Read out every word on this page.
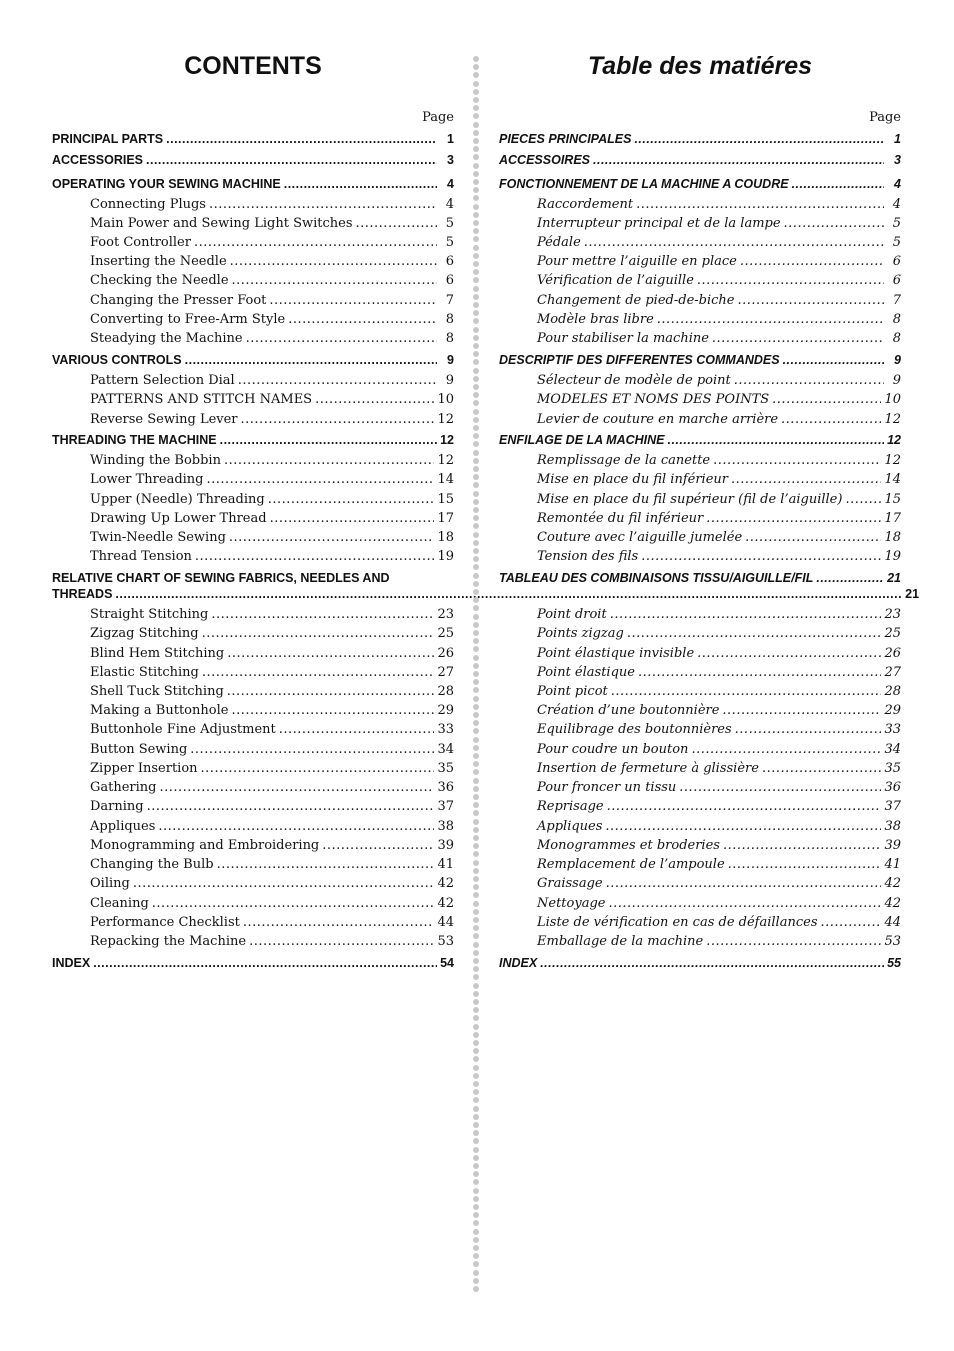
CONTENTS
Page
PRINCIPAL PARTS .....	1
ACCESSORIES .....	3
OPERATING YOUR SEWING MACHINE .....	4
Connecting Plugs .....	4
Main Power and Sewing Light Switches .....	5
Foot Controller .....	5
Inserting the Needle .....	6
Checking the Needle .....	6
Changing the Presser Foot .....	7
Converting to Free-Arm Style .....	8
Steadying the Machine .....	8
VARIOUS CONTROLS .....	9
Pattern Selection Dial .....	9
PATTERNS AND STITCH NAMES .....	10
Reverse Sewing Lever .....	12
THREADING THE MACHINE .....	12
Winding the Bobbin .....	12
Lower Threading .....	14
Upper (Needle) Threading .....	15
Drawing Up Lower Thread .....	17
Twin-Needle Sewing .....	18
Thread Tension .....	19
RELATIVE CHART OF SEWING FABRICS, NEEDLES AND
THREADS .....	21
Straight Stitching .....	23
Zigzag Stitching .....	25
Blind Hem Stitching .....	26
Elastic Stitching .....	27
Shell Tuck Stitching .....	28
Making a Buttonhole .....	29
Buttonhole Fine Adjustment .....	33
Button Sewing .....	34
Zipper Insertion .....	35
Gathering .....	36
Darning .....	37
Appliques .....	38
Monogramming and Embroidering .....	39
Changing the Bulb .....	41
Oiling .....	42
Cleaning .....	42
Performance Checklist .....	44
Repacking the Machine .....	53
INDEX .....	54
Table des matiéres
Page
PIECES PRINCIPALES .....	1
ACCESSOIRES .....	3
FONCTIONNEMENT DE LA MACHINE A COUDRE .....	4
Raccordement .....	4
Interrupteur principal et de la lampe .....	5
Pédale .....	5
Pour mettre l’aiguille en place .....	6
Vérification de l’aiguille .....	6
Changement de pied-de-biche .....	7
Modèle bras libre .....	8
Pour stabiliser la machine .....	8
DESCRIPTIF DES DIFFERENTES COMMANDES .....	9
Sélecteur de modèle de point .....	9
MODELES ET NOMS DES POINTS .....	10
Levier de couture en marche arrière .....	12
ENFILAGE DE LA MACHINE .....	12
Remplissage de la canette .....	12
Mise en place du fil inférieur .....	14
Mise en place du fil supérieur (fil de l’aiguille) .....	15
Remontée du fil inférieur .....	17
Couture avec l’aiguille jumelée .....	18
Tension des fils .....	19
TABLEAU DES COMBINAISONS TISSU/AIGUILLE/FIL .....	21
Point droit .....	23
Points zigzag .....	25
Point élastique invisible .....	26
Point élastique .....	27
Point picot .....	28
Création d’une boutonnière .....	29
Equilibrage des boutonnières .....	33
Pour coudre un bouton .....	34
Insertion de fermeture à glissière .....	35
Pour froncer un tissu .....	36
Reprisage .....	37
Appliques .....	38
Monogrammes et broderies .....	39
Remplacement de l’ampoule .....	41
Graissage .....	42
Nettoyage .....	42
Liste de vérification en cas de défaillances .....	44
Emballage de la machine .....	53
INDEX .....	55
